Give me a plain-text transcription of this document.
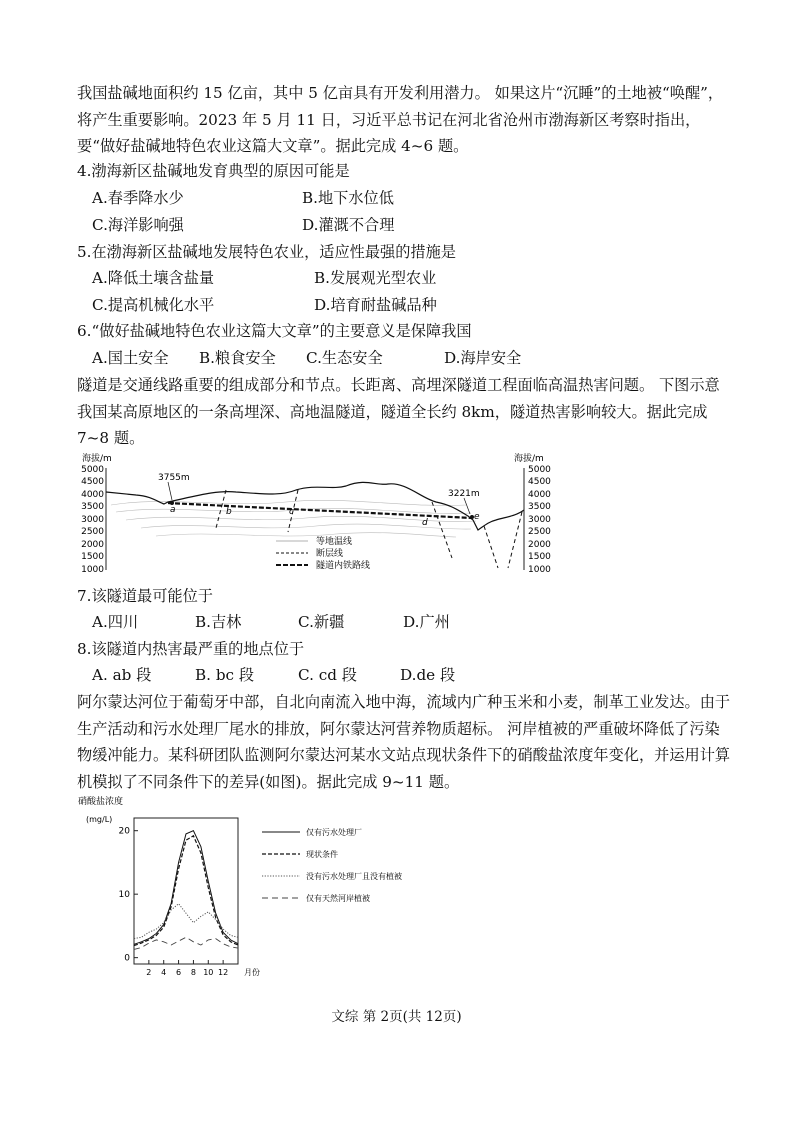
我国盐碱地面积约 15 亿亩，其中 5 亿亩具有开发利用潜力。 如果这片“沉睡”的土地被“唤醒”，将产生重要影响。2023 年 5 月 11 日，习近平总书记在河北省沧州市渤海新区考察时指出，要“做好盐碱地特色农业这篇大文章”。据此完成 4~6 题。

4.渤海新区盐碱地发育典型的原因可能是

A.春季降水少	B.地下水位低
C.海洋影响强	D.灌溉不合理

5.在渤海新区盐碱地发展特色农业，适应性最强的措施是

A.降低土壤含盐量	B.发展观光型农业
C.提高机械化水平	D.培育耐盐碱品种

6.“做好盐碱地特色农业这篇大文章”的主要意义是保障我国

A.国土安全 B.粮食安全 C.生态安全	D.海岸安全

隧道是交通线路重要的组成部分和节点。长距离、高埋深隧道工程面临高温热害问题。 下图示意我国某高原地区的一条高埋深、高地温隧道，隧道全长约 8km，隧道热害影响较大。据此完成 7~8 题。

海拔/m
5000
4500
4000
3500
3000
2500
2000
1500
1000
a	b	c
d
e
3755m
3221m
等地温线
断层线
隧道内铁路线
海拔/m
5000
4500
4000
3500
3000
2500
2000
1500
1000

7.该隧道最可能位于

A.四川	B.吉林	C.新疆	D.广州

8.该隧道内热害最严重的地点位于

A. ab 段	B. bc 段	C. cd 段	D.de 段

阿尔蒙达河位于葡萄牙中部，自北向南流入地中海，流域内广种玉米和小麦，制革工业发达。由于生产活动和污水处理厂尾水的排放，阿尔蒙达河营养物质超标。 河岸植被的严重破坏降低了污染物缓冲能力。某科研团队监测阿尔蒙达河某水文站点现状条件下的硝酸盐浓度年变化，并运用计算机模拟了不同条件下的差异(如图)。据此完成 9~11 题。

硝酸盐浓度
(mg/L)
0
10
20
2 4 6 8 10 12 月份
仅有污水处理厂
现状条件
没有污水处理厂且没有植被
仅有天然河岸植被
文综 第 2页(共 12页)
